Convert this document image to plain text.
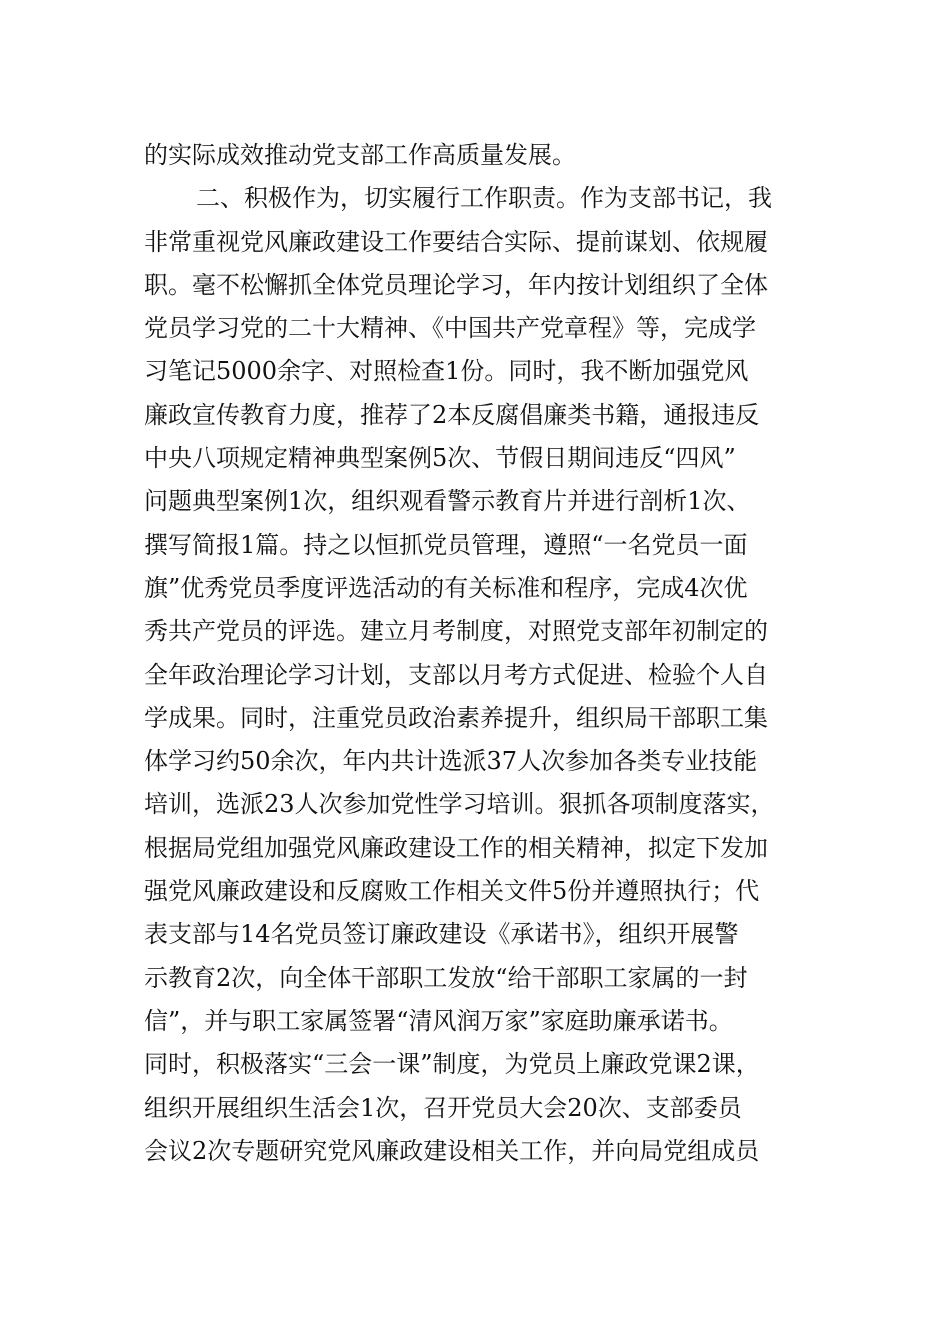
的实际成效推动党支部工作高质量发展。
二、积极作为，切实履行工作职责。作为支部书记，我
非常重视党风廉政建设工作要结合实际、提前谋划、依规履
职。毫不松懈抓全体党员理论学习，年内按计划组织了全体
党员学习党的二十大精神、《中国共产党章程》等，完成学
习笔记5000余字、对照检查1份。同时，我不断加强党风
廉政宣传教育力度，推荐了2本反腐倡廉类书籍，通报违反
中央八项规定精神典型案例5次、节假日期间违反“四风”
问题典型案例1次，组织观看警示教育片并进行剖析1次、
撰写简报1篇。持之以恒抓党员管理，遵照“一名党员一面
旗”优秀党员季度评选活动的有关标准和程序，完成4次优
秀共产党员的评选。建立月考制度，对照党支部年初制定的
全年政治理论学习计划，支部以月考方式促进、检验个人自
学成果。同时，注重党员政治素养提升，组织局干部职工集
体学习约50余次，年内共计选派37人次参加各类专业技能
培训，选派23人次参加党性学习培训。狠抓各项制度落实，
根据局党组加强党风廉政建设工作的相关精神，拟定下发加
强党风廉政建设和反腐败工作相关文件5份并遵照执行；代
表支部与14名党员签订廉政建设《承诺书》，组织开展警
示教育2次，向全体干部职工发放“给干部职工家属的一封
信”，并与职工家属签署“清风润万家”家庭助廉承诺书。
同时，积极落实“三会一课”制度，为党员上廉政党课2课，
组织开展组织生活会1次，召开党员大会20次、支部委员
会议2次专题研究党风廉政建设相关工作，并向局党组成员
